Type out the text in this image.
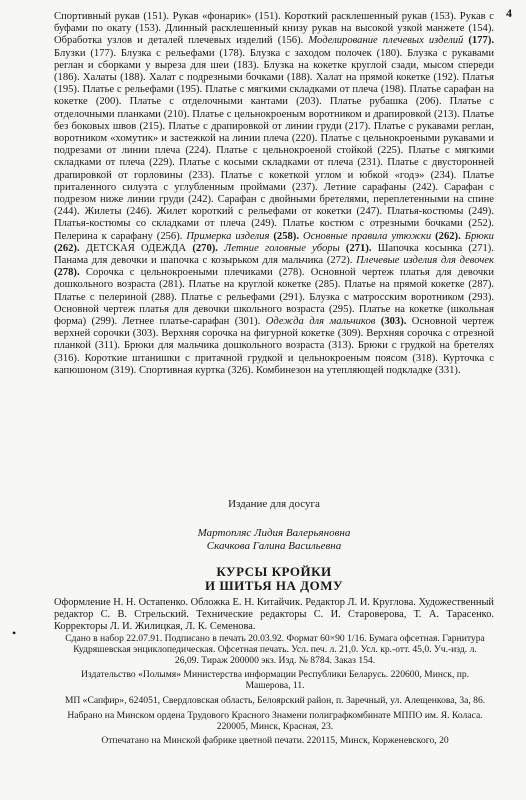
4
Спортивный рукав (151). Рукав «фонарик» (151). Короткий расклешенный рукав (153). Рукав с буфами по окату (153). Длинный расклешенный книзу рукав на высокой узкой манжете (154). Обработка узлов и деталей плечевых изделий (156). Моделирование плечевых изделий (177). Блузки (177). Блузка с рельефами (178). Блузка с заходом полочек (180). Блузка с рукавами реглан и сборками у выреза для шеи (183). Блузка на кокетке круглой сзади, мысом спереди (186). Халаты (188). Халат с подрезными бочками (188). Халат на прямой кокетке (192). Платья (195). Платье с рельефами (195). Платье с мягкими складками от плеча (198). Платье сарафан на кокетке (200). Платье с отделочными кантами (203). Платье рубашка (206). Платье с отделочными планками (210). Платье с цельнокроеным воротником и драпировкой (213). Платье без боковых швов (215). Платье с драпировкой от линии груди (217). Платье с рукавами реглан, воротником «хомутик» и застежкой на линии плеча (220). Платье с цельнокроеными рукавами и подрезами от линии плеча (224). Платье с цельнокроеной стойкой (225). Платье с мягкими складками от плеча (229). Платье с косыми складками от плеча (231). Платье с двусторонней драпировкой от горловины (233). Платье с кокеткой углом и юбкой «годэ» (234). Платье приталенного силуэта с углубленным проймами (237). Летние сарафаны (242). Сарафан с подрезом ниже линии груди (242). Сарафан с двойными бретелями, переплетенными на спине (244). Жилеты (246). Жилет короткий с рельефами от кокетки (247). Платья-костюмы (249). Платья-костюмы со складками от плеча (249). Платье костюм с отрезными бочками (252). Пелерина к сарафану (256). Примерка изделия (258). Основные правила утюжки (262). Брюки (262). ДЕТСКАЯ ОДЕЖДА (270). Летние головные уборы (271). Шапочка косынка (271). Панама для девочки и шапочка с козырьком для мальчика (272). Плечевые изделия для девочек (278). Сорочка с цельнокроеными плечиками (278). Основной чертеж платья для девочки дошкольного возраста (281). Платье на круглой кокетке (285). Платье на прямой кокетке (287). Платье с пелериной (288). Платье с рельефами (291). Блузка с матросским воротником (293). Основной чертеж платья для девочки школьного возраста (295). Платье на кокетке (школьная форма) (299). Летнее платье-сарафан (301). Одежда для мальчиков (303). Основной чертеж верхней сорочки (303). Верхняя сорочка на фигурной кокетке (309). Верхняя сорочка с отрезной планкой (311). Брюки для мальчика дошкольного возраста (313). Брюки с грудкой на бретелях (316). Короткие штанишки с притачной грудкой и цельнокроеным поясом (318). Курточка с капюшоном (319). Спортивная куртка (326). Комбинезон на утепляющей подкладке (331).
•
Издание для досуга
Мартопляс Лидия Валерьяновна
Скачкова Галина Васильевна
КУРСЫ КРОЙКИ
И ШИТЬЯ НА ДОМУ
Оформление Н. Н. Остапенко. Обложка Е. Н. Китайчик. Редактор Л. И. Круглова. Художественный редактор С. В. Стрельский. Технические редакторы С. И. Староверова, Т. А. Тарасенко. Корректоры Л. И. Жилицкая, Л. К. Семенова.

Сдано в набор 22.07.91. Подписано в печать 20.03.92. Формат 60×90 1/16. Бумага офсетная. Гарнитура Кудряшевская энциклопедическая. Офсетная печать. Усл. печ. л. 21,0. Усл. кр.-отт. 45,0. Уч.-изд. л. 26,09. Тираж 200000 экз. Изд. № 8784. Заказ 154.

Издательство «Полымя» Министерства информации Республики Беларусь. 220600, Минск, пр. Машерова, 11.

МП «Сапфир», 624051, Свердловская область, Белоярский район, п. Заречный, ул. Алещенкова, 3а, 86.

Набрано на Минском ордена Трудового Красного Знамени полиграфкомбинате МППО им. Я. Коласа. 220005, Минск, Красная, 23.

Отпечатано на Минской фабрике цветной печати. 220115, Минск, Корженевского, 20
